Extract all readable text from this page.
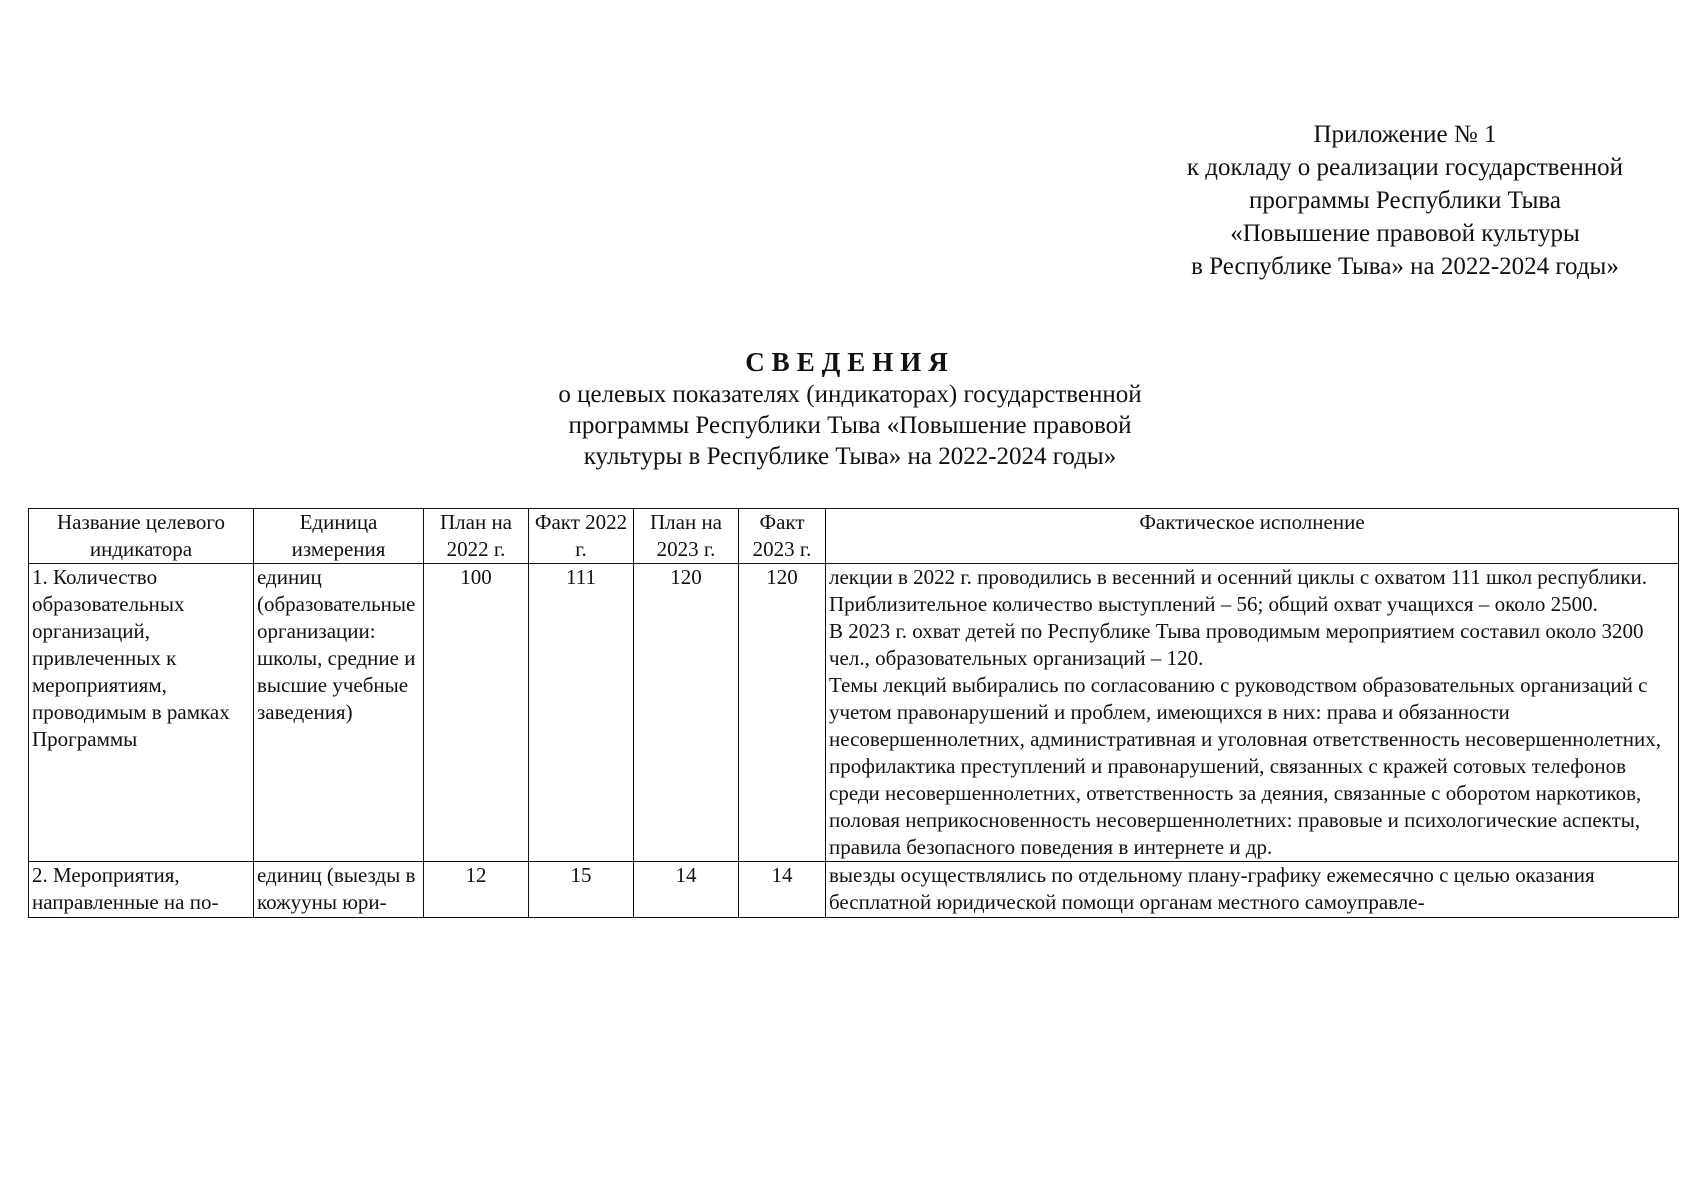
Приложение № 1
к докладу о реализации государственной
программы Республики Тыва
«Повышение правовой культуры
в Республике Тыва» на 2022-2024 годы»
СВЕДЕНИЯ
о целевых показателях (индикаторах) государственной
программы Республики Тыва «Повышение правовой
культуры в Республике Тыва» на 2022-2024 годы»
Название целевого индикатора	Единица измерения	План на 2022 г.	Факт 2022 г.	План на 2023 г.	Факт 2023 г.	Фактическое исполнение
1. Количество образовательных организаций, привлеченных к мероприятиям, проводимым в рамках Программы	единиц (образовательные организации: школы, средние и высшие учебные заведения)	100	111	120	120	лекции в 2022 г. проводились в весенний и осенний циклы с охватом 111 школ республики.

Приблизительное количество выступлений – 56; общий охват учащихся – около 2500.

В 2023 г. охват детей по Республике Тыва проводимым мероприятием составил около 3200 чел., образовательных организаций – 120.

Темы лекций выбирались по согласованию с руководством образовательных организаций с учетом правонарушений и проблем, имеющихся в них: права и обязанности несовершеннолетних, административная и уголовная ответственность несовершеннолетних, профилактика преступлений и правонарушений, связанных с кражей сотовых телефонов среди несовершеннолетних, ответственность за деяния, связанные с оборотом наркотиков, половая неприкосновенность несовершеннолетних: правовые и психологические аспекты, правила безопасного поведения в интернете и др.

2. Мероприятия, направленные на по-	единиц (выезды в кожууны юри-	12	15	14	14	выезды осуществлялись по отдельному плану-графику ежемесячно с целью оказания бесплатной юридической помощи органам местного самоуправле-
